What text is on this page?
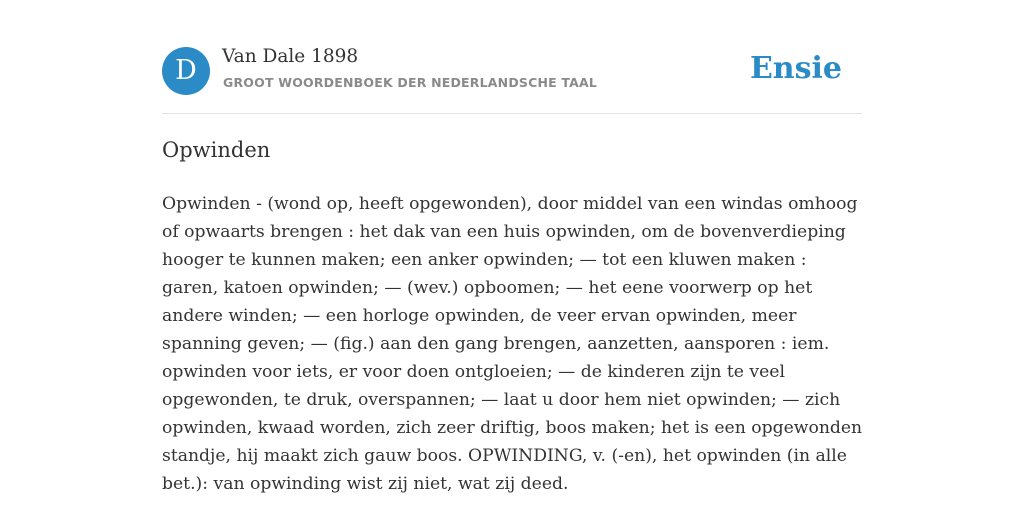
D	Van Dale 1898
GROOT WOORDENBOEK DER NEDERLANDSCHE TAAL	Ensie
Opwinden

Opwinden - (wond op, heeft opgewonden), door middel van een windas omhoog of opwaarts brengen : het dak van een huis opwinden, om de bovenverdieping hooger te kunnen maken; een anker opwinden; — tot een kluwen maken : garen, katoen opwinden; — (wev.) opboomen; — het eene voorwerp op het andere winden; — een horloge opwinden, de veer ervan opwinden, meer spanning geven; — (fig.) aan den gang brengen, aanzetten, aansporen : iem. opwinden voor iets, er voor doen ontgloeien; — de kinderen zijn te veel opgewonden, te druk, overspannen; — laat u door hem niet opwinden; — zich opwinden, kwaad worden, zich zeer driftig, boos maken; het is een opgewonden standje, hij maakt zich gauw boos. OPWINDING, v. (-en), het opwinden (in alle bet.): van opwinding wist zij niet, wat zij deed.
